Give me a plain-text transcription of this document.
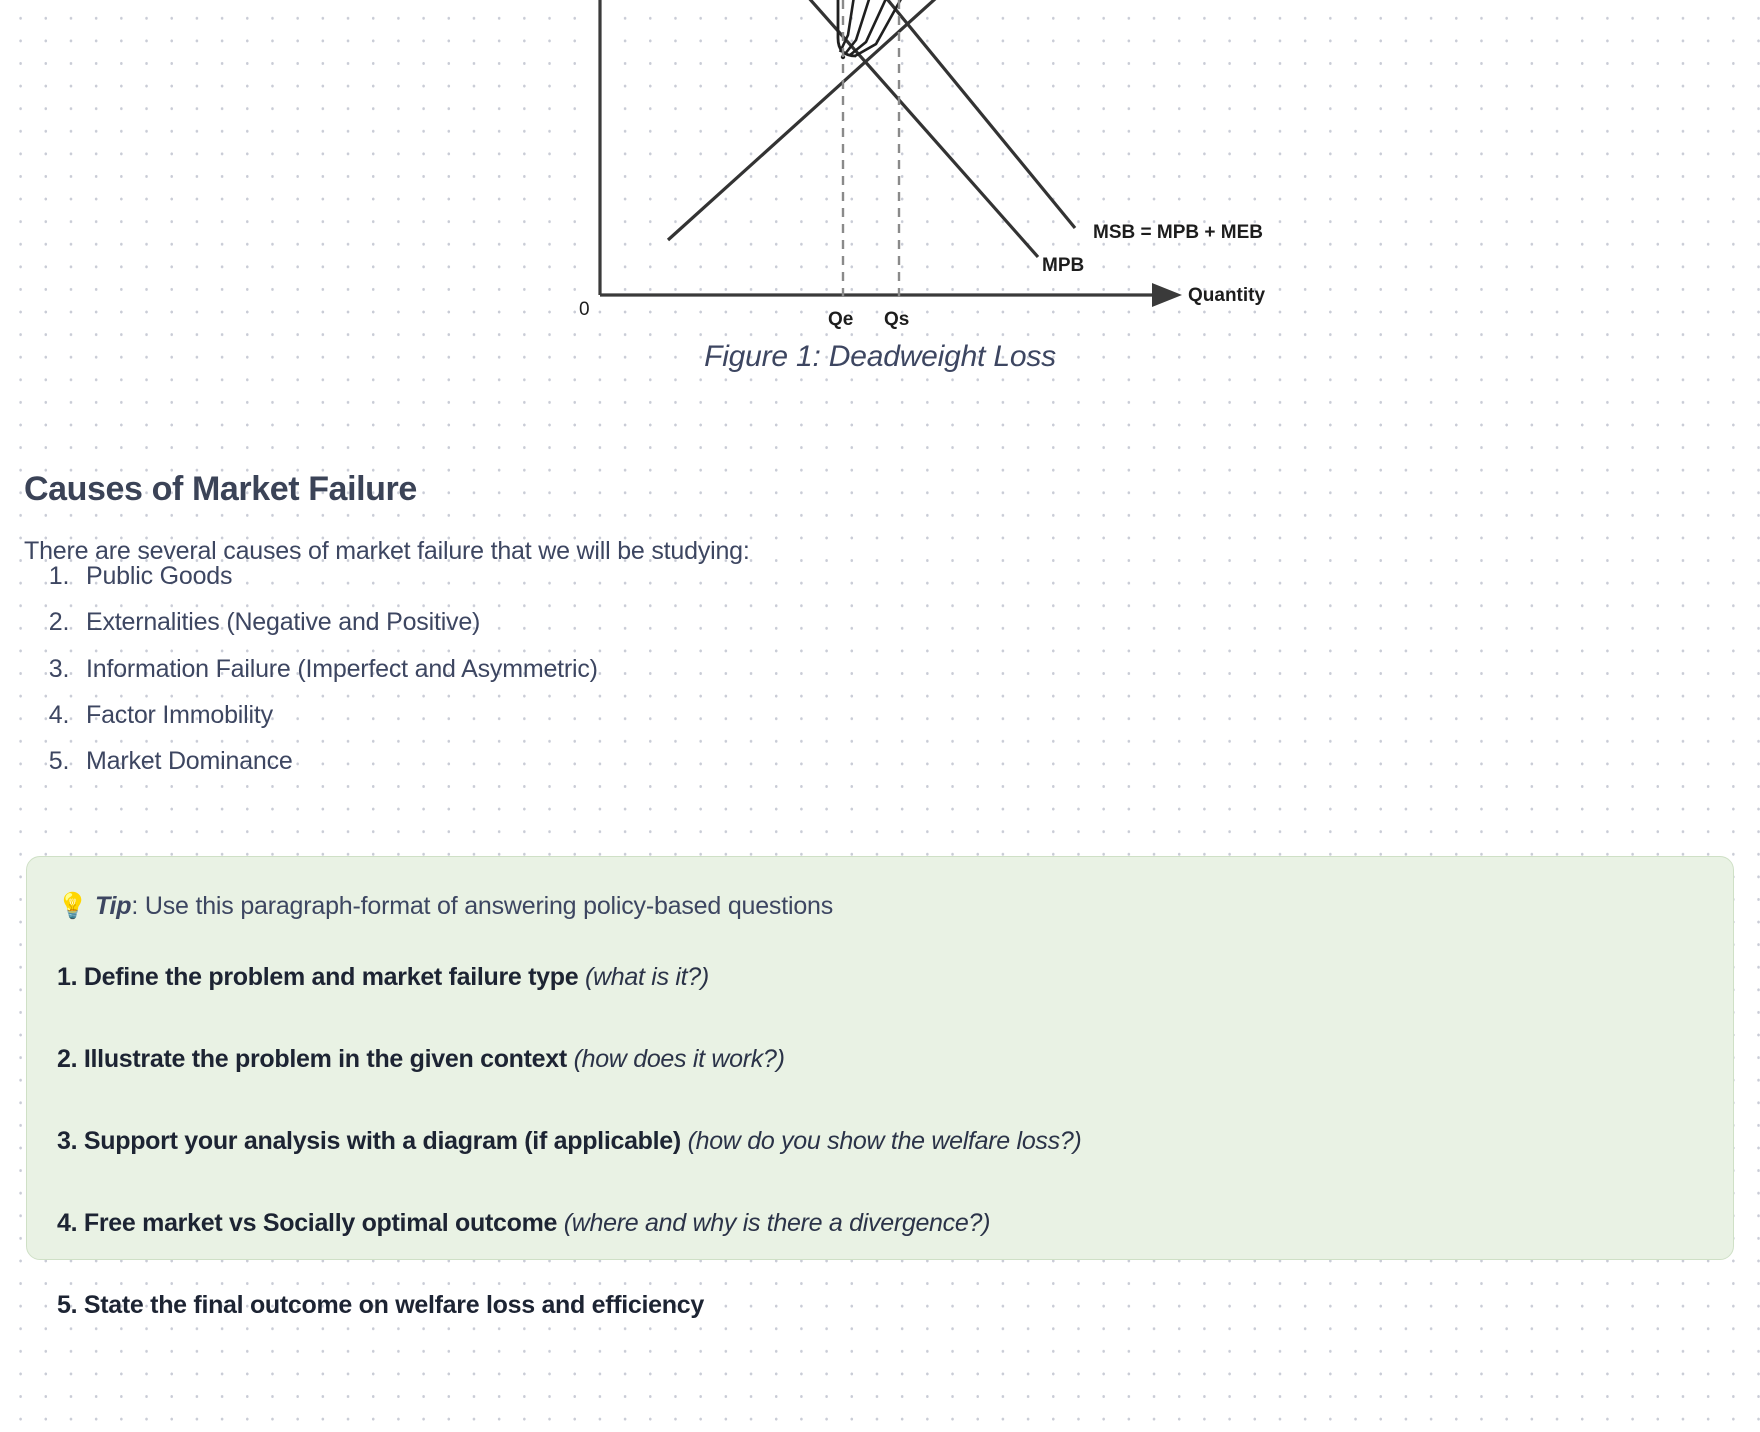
MSB = MPB + MEB
MPB
0	Qe Qs
Quantity
Figure 1: Deadweight Loss
Causes of Market Failure

There are several causes of market failure that we will be studying:

1. Public Goods
2. Externalities (Negative and Positive)
3. Information Failure (Imperfect and Asymmetric)
4. Factor Immobility
5. Market Dominance

💡 Tip: Use this paragraph-format of answering policy-based questions

1. Define the problem and market failure type (what is it?)

2. Illustrate the problem in the given context (how does it work?)

3. Support your analysis with a diagram (if applicable) (how do you show the welfare loss?)

4. Free market vs Socially optimal outcome (where and why is there a divergence?)

5. State the final outcome on welfare loss and efficiency
